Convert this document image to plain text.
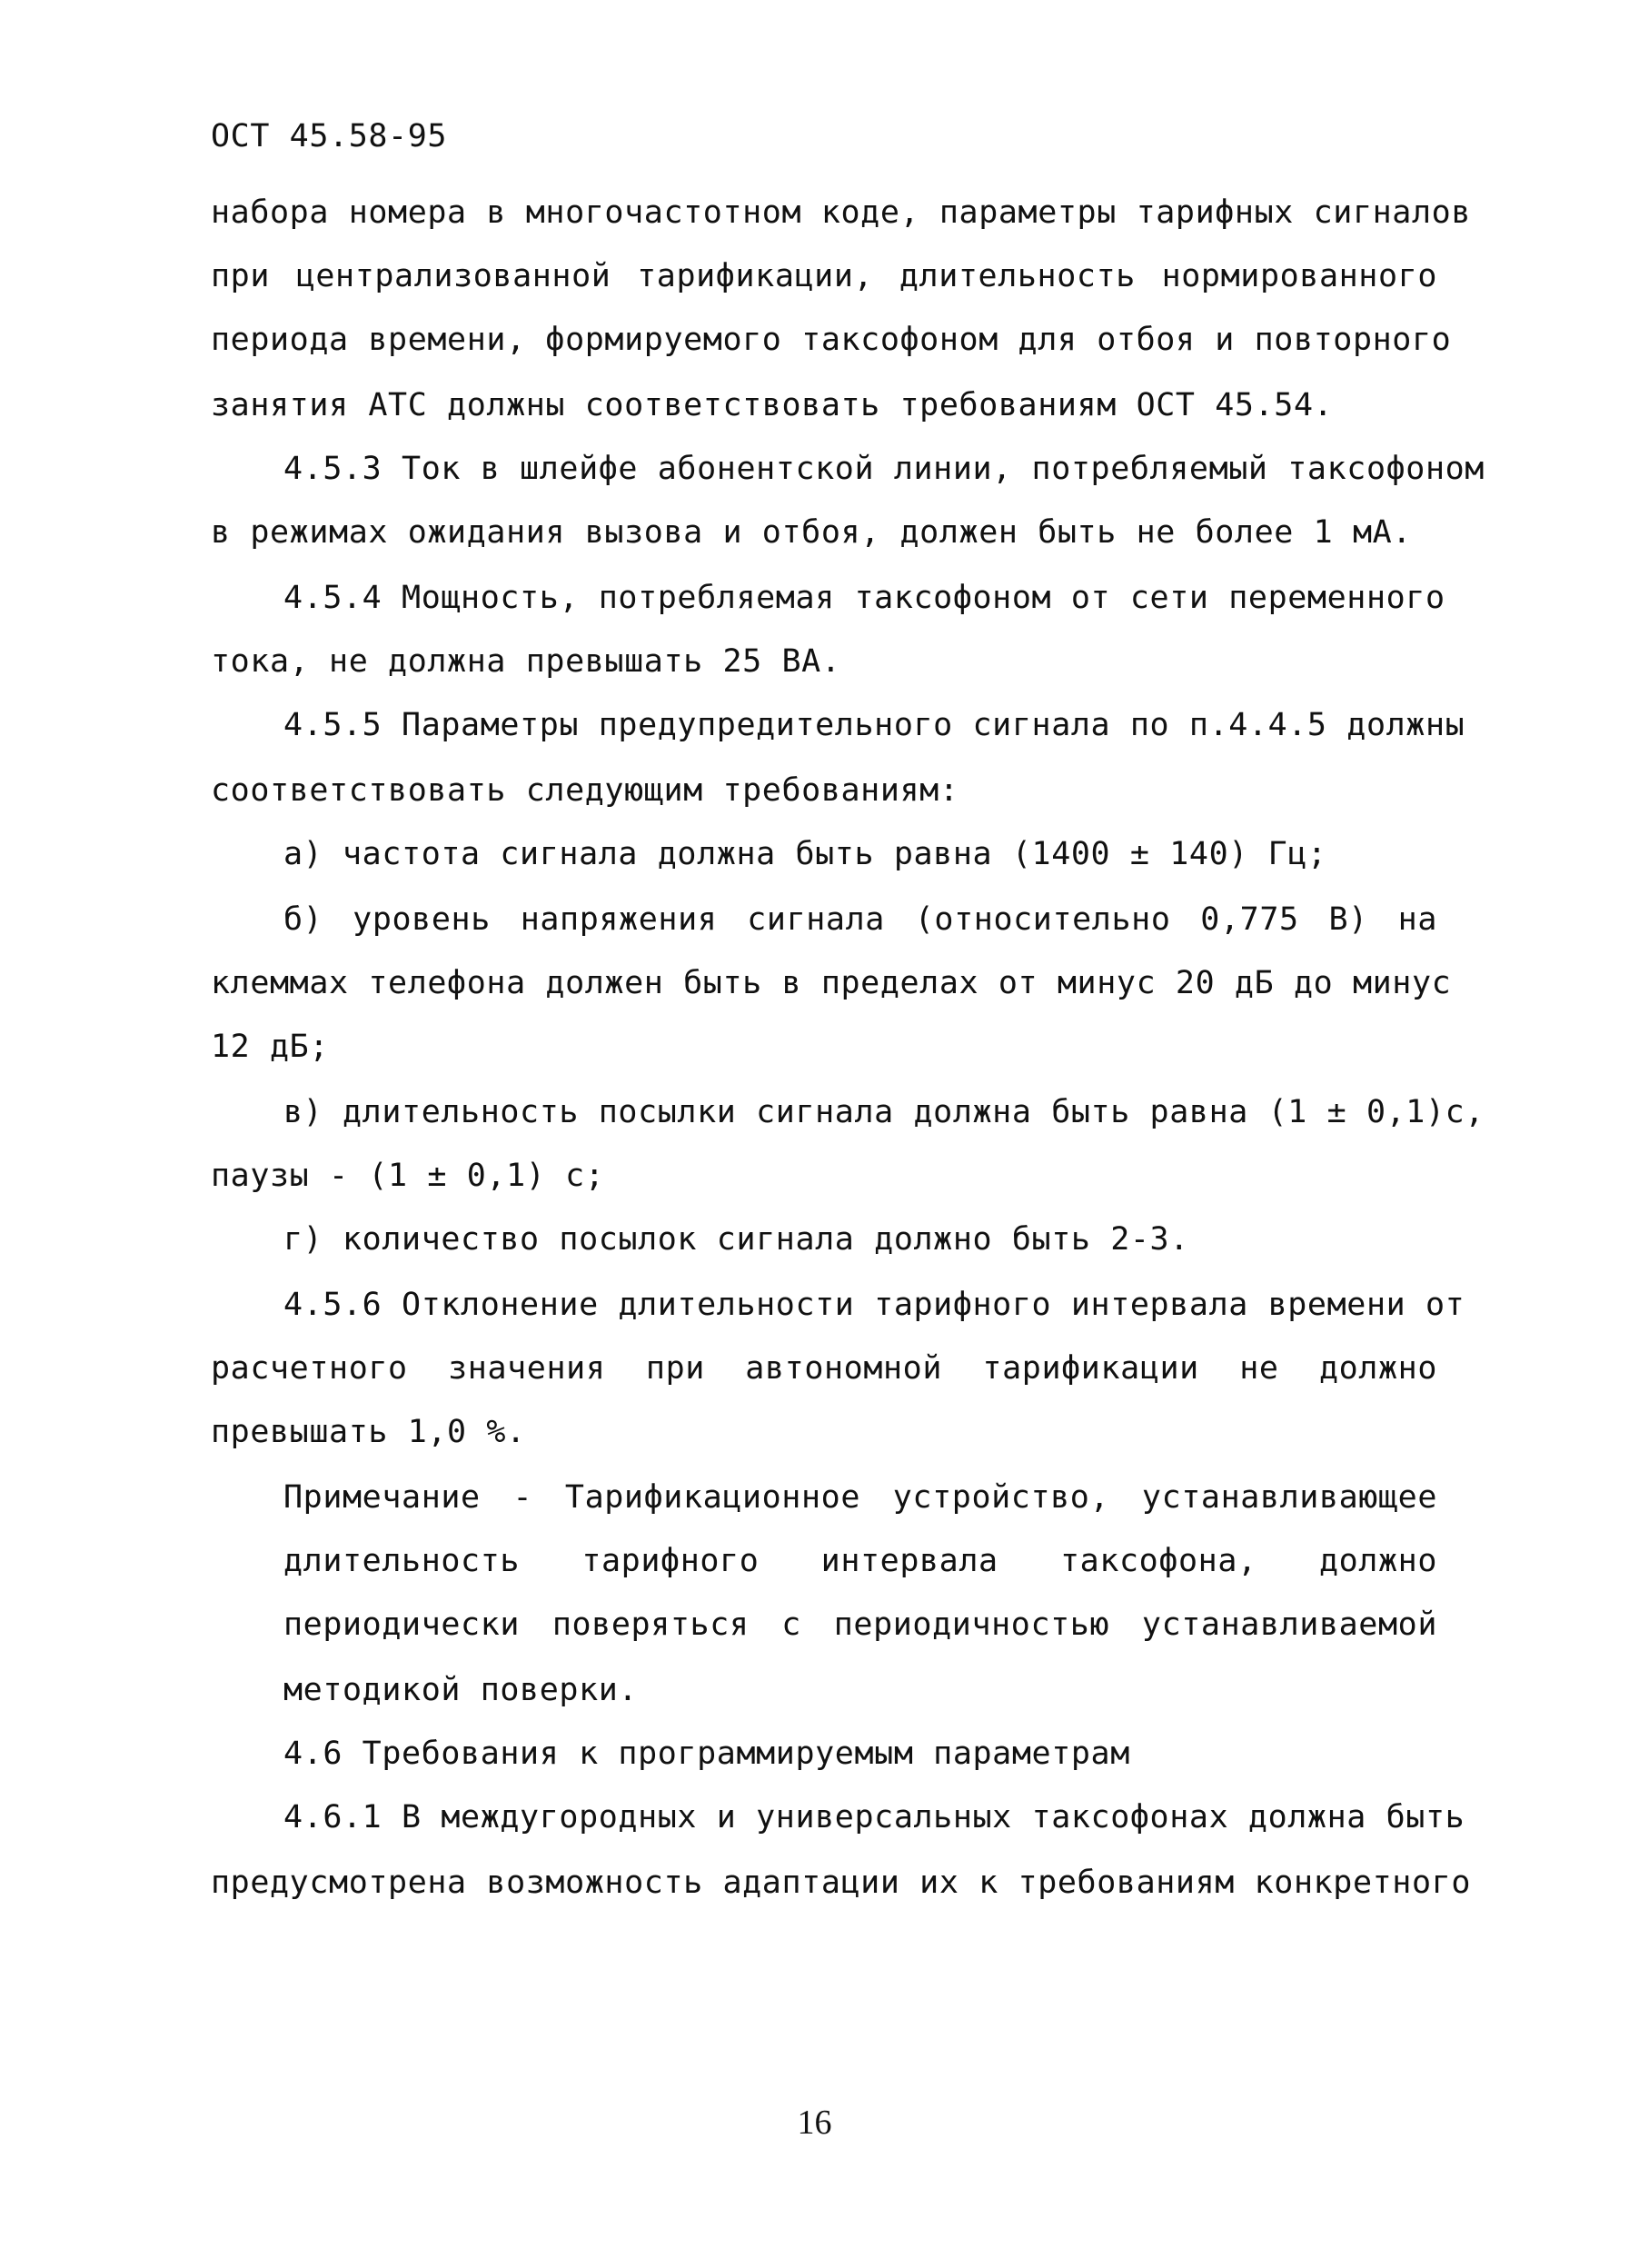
ОСТ 45.58-95
набора номера в многочастотном коде, параметры тарифных сигналов
при централизованной тарификации, длительность нормированного
периода времени, формируемого таксофоном для отбоя и повторного
занятия АТС должны соответствовать требованиям ОСТ 45.54.
4.5.3 Ток в шлейфе абонентской линии, потребляемый таксофоном
в режимах ожидания вызова и отбоя, должен быть не более 1 мА.
4.5.4 Мощность, потребляемая таксофоном от сети переменного
тока, не должна превышать 25 ВА.
4.5.5 Параметры предупредительного сигнала по п.4.4.5 должны
соответствовать следующим требованиям:
а) частота сигнала должна быть равна (1400 ± 140) Гц;
б) уровень напряжения сигнала (относительно 0,775 В) на
клеммах телефона должен быть в пределах от минус 20 дБ до минус
12 дБ;
в) длительность посылки сигнала должна быть равна (1 ± 0,1)с,
паузы - (1 ± 0,1) с;
г) количество посылок сигнала должно быть 2-3.
4.5.6 Отклонение длительности тарифного интервала времени от
расчетного значения при автономной тарификации не должно
превышать 1,0 %.
Примечание - Тарификационное устройство, устанавливающее
длительность тарифного интервала таксофона, должно
периодически поверяться с периодичностью устанавливаемой
методикой поверки.
4.6 Требования к программируемым параметрам
4.6.1 В междугородных и универсальных таксофонах должна быть
предусмотрена возможность адаптации их к требованиям конкретного
16
